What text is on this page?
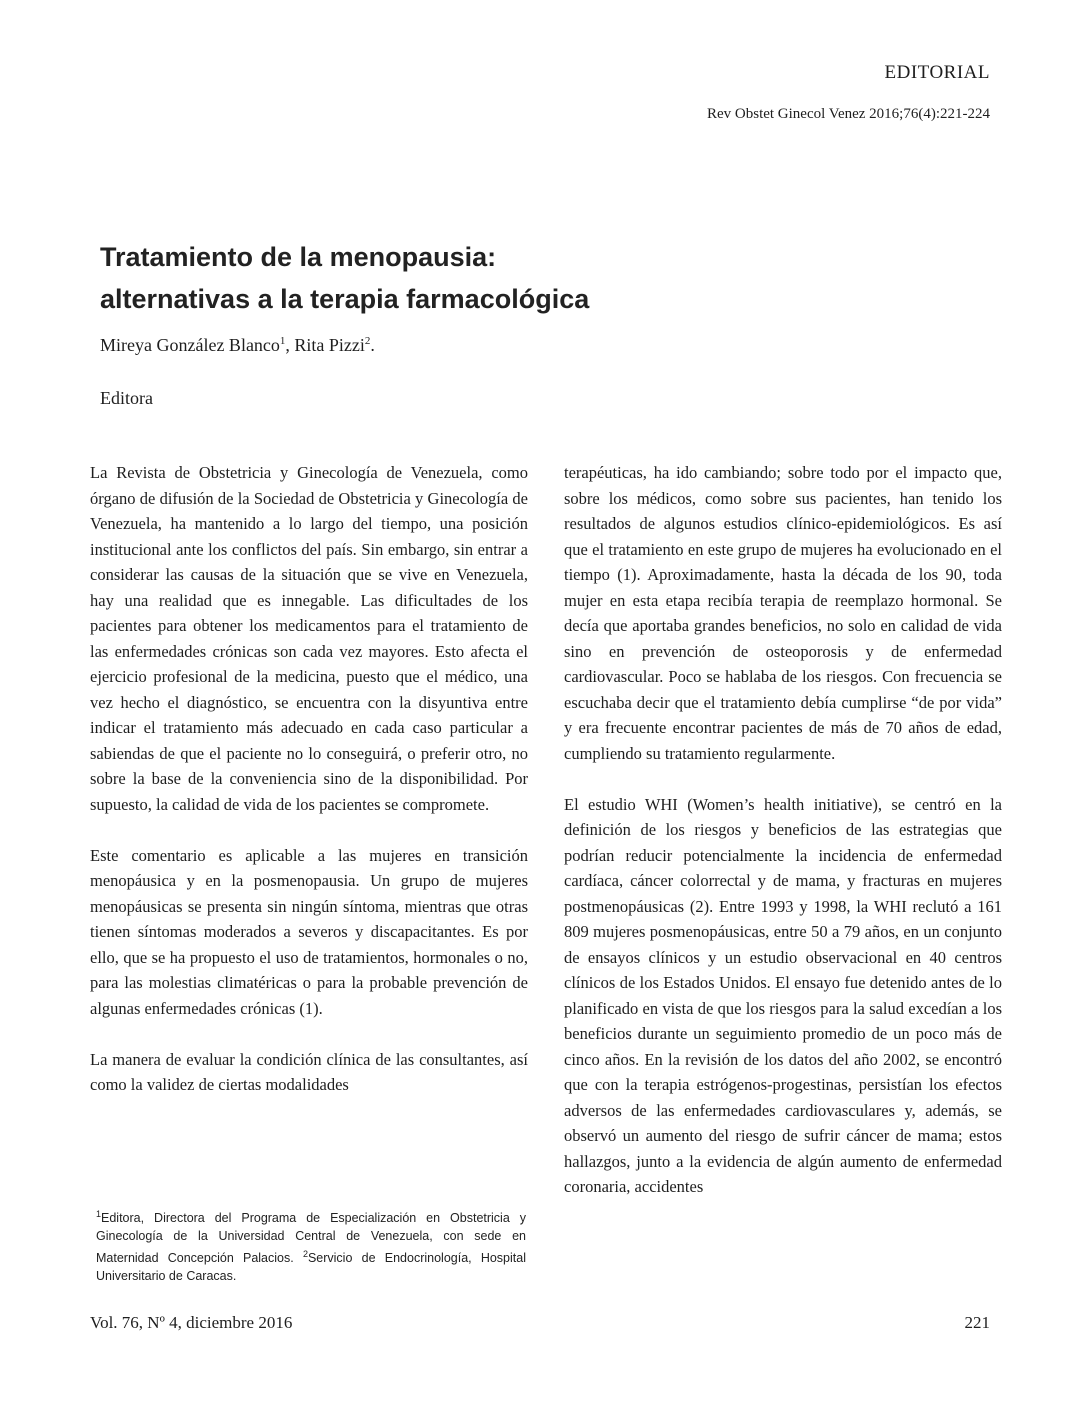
EDITORIAL
Rev Obstet Ginecol Venez 2016;76(4):221-224
Tratamiento de la menopausia:
alternativas a la terapia farmacológica
Mireya González Blanco$^1$, Rita Pizzi$^2$.
Editora

La Revista de Obstetricia y Ginecología de Venezuela, como órgano de difusión de la Sociedad de Obstetricia y Ginecología de Venezuela, ha mantenido a lo largo del tiempo, una posición institucional ante los conflictos del país. Sin embargo, sin entrar a considerar las causas de la situación que se vive en Venezuela, hay una realidad que es innegable. Las dificultades de los pacientes para obtener los medicamentos para el tratamiento de las enfermedades crónicas son cada vez mayores. Esto afecta el ejercicio profesional de la medicina, puesto que el médico, una vez hecho el diagnóstico, se encuentra con la disyuntiva entre indicar el tratamiento más adecuado en cada caso particular a sabiendas de que el paciente no lo conseguirá, o preferir otro, no sobre la base de la conveniencia sino de la disponibilidad. Por supuesto, la calidad de vida de los pacientes se compromete.

Este comentario es aplicable a las mujeres en transición menopáusica y en la posmenopausia. Un grupo de mujeres menopáusicas se presenta sin ningún síntoma, mientras que otras tienen síntomas moderados a severos y discapacitantes. Es por ello, que se ha propuesto el uso de tratamientos, hormonales o no, para las molestias climatéricas o para la probable prevención de algunas enfermedades crónicas (1).

La manera de evaluar la condición clínica de las consultantes, así como la validez de ciertas modalidades

terapéuticas, ha ido cambiando; sobre todo por el impacto que, sobre los médicos, como sobre sus pacientes, han tenido los resultados de algunos estudios clínico-epidemiológicos. Es así que el tratamiento en este grupo de mujeres ha evolucionado en el tiempo (1). Aproximadamente, hasta la década de los 90, toda mujer en esta etapa recibía terapia de reemplazo hormonal. Se decía que aportaba grandes beneficios, no solo en calidad de vida sino en prevención de osteoporosis y de enfermedad cardiovascular. Poco se hablaba de los riesgos. Con frecuencia se escuchaba decir que el tratamiento debía cumplirse “de por vida” y era frecuente encontrar pacientes de más de 70 años de edad, cumpliendo su tratamiento regularmente.

El estudio WHI (Women’s health initiative), se centró en la definición de los riesgos y beneficios de las estrategias que podrían reducir potencialmente la incidencia de enfermedad cardíaca, cáncer colorrectal y de mama, y fracturas en mujeres postmenopáusicas (2). Entre 1993 y 1998, la WHI reclutó a 161 809 mujeres posmenopáusicas, entre 50 a 79 años, en un conjunto de ensayos clínicos y un estudio observacional en 40 centros clínicos de los Estados Unidos. El ensayo fue detenido antes de lo planificado en vista de que los riesgos para la salud excedían a los beneficios durante un seguimiento promedio de un poco más de cinco años. En la revisión de los datos del año 2002, se encontró que con la terapia estrógenos-progestinas, persistían los efectos adversos de las enfermedades cardiovasculares y, además, se observó un aumento del riesgo de sufrir cáncer de mama; estos hallazgos, junto a la evidencia de algún aumento de enfermedad coronaria, accidentes

$^1$Editora, Directora del Programa de Especialización en Obstetricia y Ginecología de la Universidad Central de Venezuela, con sede en Maternidad Concepción Palacios. $^2$Servicio de Endocrinología, Hospital Universitario de Caracas.
Vol. 76, Nº 4, diciembre 2016	221
